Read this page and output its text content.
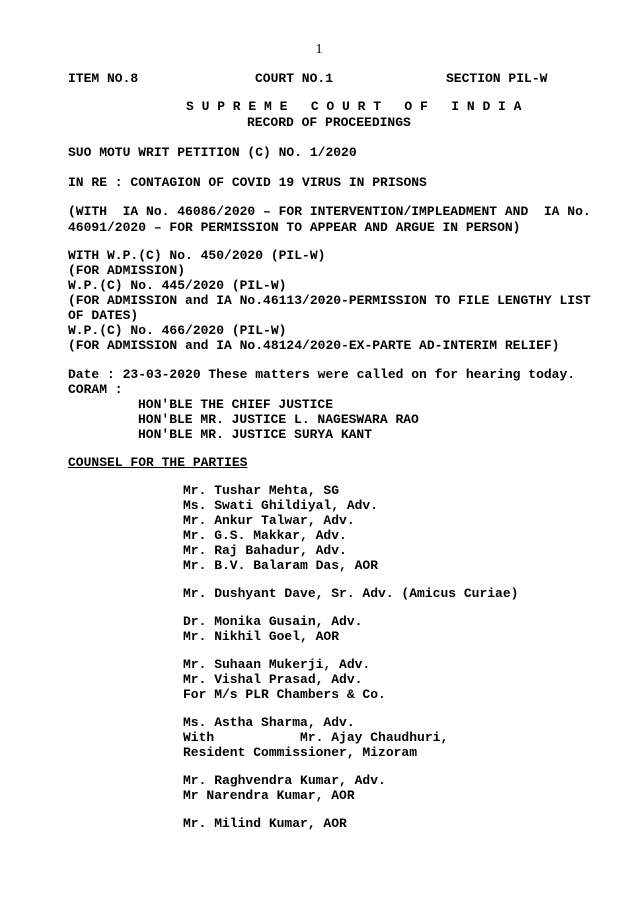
1
ITEM NO.8	COURT NO.1	SECTION PIL-W
S U P R E M E   C O U R T   O F   I N D I A
RECORD OF PROCEEDINGS
SUO MOTU WRIT PETITION (C) NO. 1/2020
IN RE : CONTAGION OF COVID 19 VIRUS IN PRISONS
(WITH  IA No. 46086/2020 – FOR INTERVENTION/IMPLEADMENT AND  IA No.
46091/2020 – FOR PERMISSION TO APPEAR AND ARGUE IN PERSON)
WITH W.P.(C) No. 450/2020 (PIL-W)
(FOR ADMISSION)
W.P.(C) No. 445/2020 (PIL-W)
(FOR ADMISSION and IA No.46113/2020-PERMISSION TO FILE LENGTHY LIST
OF DATES)
W.P.(C) No. 466/2020 (PIL-W)
(FOR ADMISSION and IA No.48124/2020-EX-PARTE AD-INTERIM RELIEF)
Date : 23-03-2020 These matters were called on for hearing today.
CORAM :
HON'BLE THE CHIEF JUSTICE
HON'BLE MR. JUSTICE L. NAGESWARA RAO
HON'BLE MR. JUSTICE SURYA KANT
COUNSEL FOR THE PARTIES
Mr. Tushar Mehta, SG
Ms. Swati Ghildiyal, Adv.
Mr. Ankur Talwar, Adv.
Mr. G.S. Makkar, Adv.
Mr. Raj Bahadur, Adv.
Mr. B.V. Balaram Das, AOR
Mr. Dushyant Dave, Sr. Adv. (Amicus Curiae)
Dr. Monika Gusain, Adv.
Mr. Nikhil Goel, AOR
Mr. Suhaan Mukerji, Adv.
Mr. Vishal Prasad, Adv.
For M/s PLR Chambers & Co.
Ms. Astha Sharma, Adv.
With           Mr. Ajay Chaudhuri,
Resident Commissioner, Mizoram
Mr. Raghvendra Kumar, Adv.
Mr Narendra Kumar, AOR
Mr. Milind Kumar, AOR
